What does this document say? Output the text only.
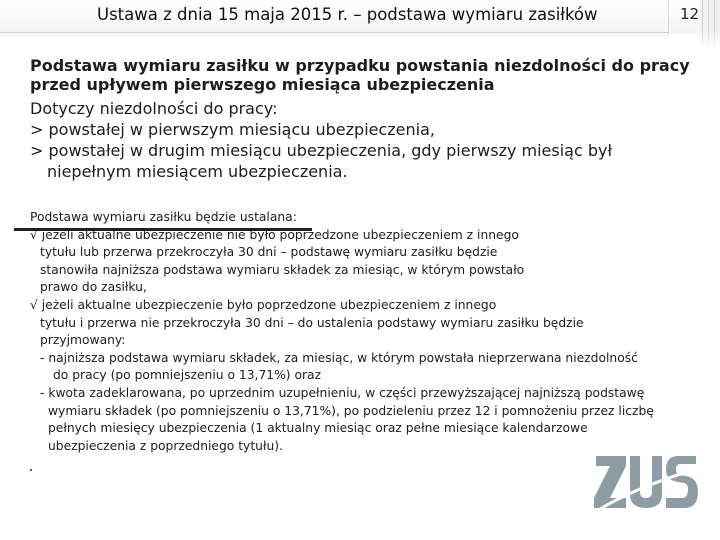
Ustawa z dnia 15 maja 2015 r. – podstawa wymiaru zasiłków	12
Podstawa wymiaru zasiłku w przypadku powstania niezdolności do pracy przed upływem pierwszego miesiąca ubezpieczenia
Dotyczy niezdolności do pracy:
> powstałej w pierwszym miesiącu ubezpieczenia,
> powstałej w drugim miesiącu ubezpieczenia, gdy pierwszy miesiąc był
niepełnym miesiącem ubezpieczenia.
Podstawa wymiaru zasiłku będzie ustalana:
√ jeżeli aktualne ubezpieczenie nie było poprzedzone ubezpieczeniem z innego
tytułu lub przerwa przekroczyła 30 dni – podstawę wymiaru zasiłku będzie
stanowiła najniższa podstawa wymiaru składek za miesiąc, w którym powstało
prawo do zasiłku,
√ jeżeli aktualne ubezpieczenie było poprzedzone ubezpieczeniem z innego
tytułu i przerwa nie przekroczyła 30 dni – do ustalenia podstawy wymiaru zasiłku będzie
przyjmowany:
- najniższa podstawa wymiaru składek, za miesiąc, w którym powstała nieprzerwana niezdolność
do pracy (po pomniejszeniu o 13,71%) oraz
- kwota zadeklarowana, po uprzednim uzupełnieniu, w części przewyższającej najniższą podstawę
wymiaru składek (po pomniejszeniu o 13,71%), po podzieleniu przez 12 i pomnożeniu przez liczbę
pełnych miesięcy ubezpieczenia (1 aktualny miesiąc oraz pełne miesiące kalendarzowe
ubezpieczenia z poprzedniego tytułu).
